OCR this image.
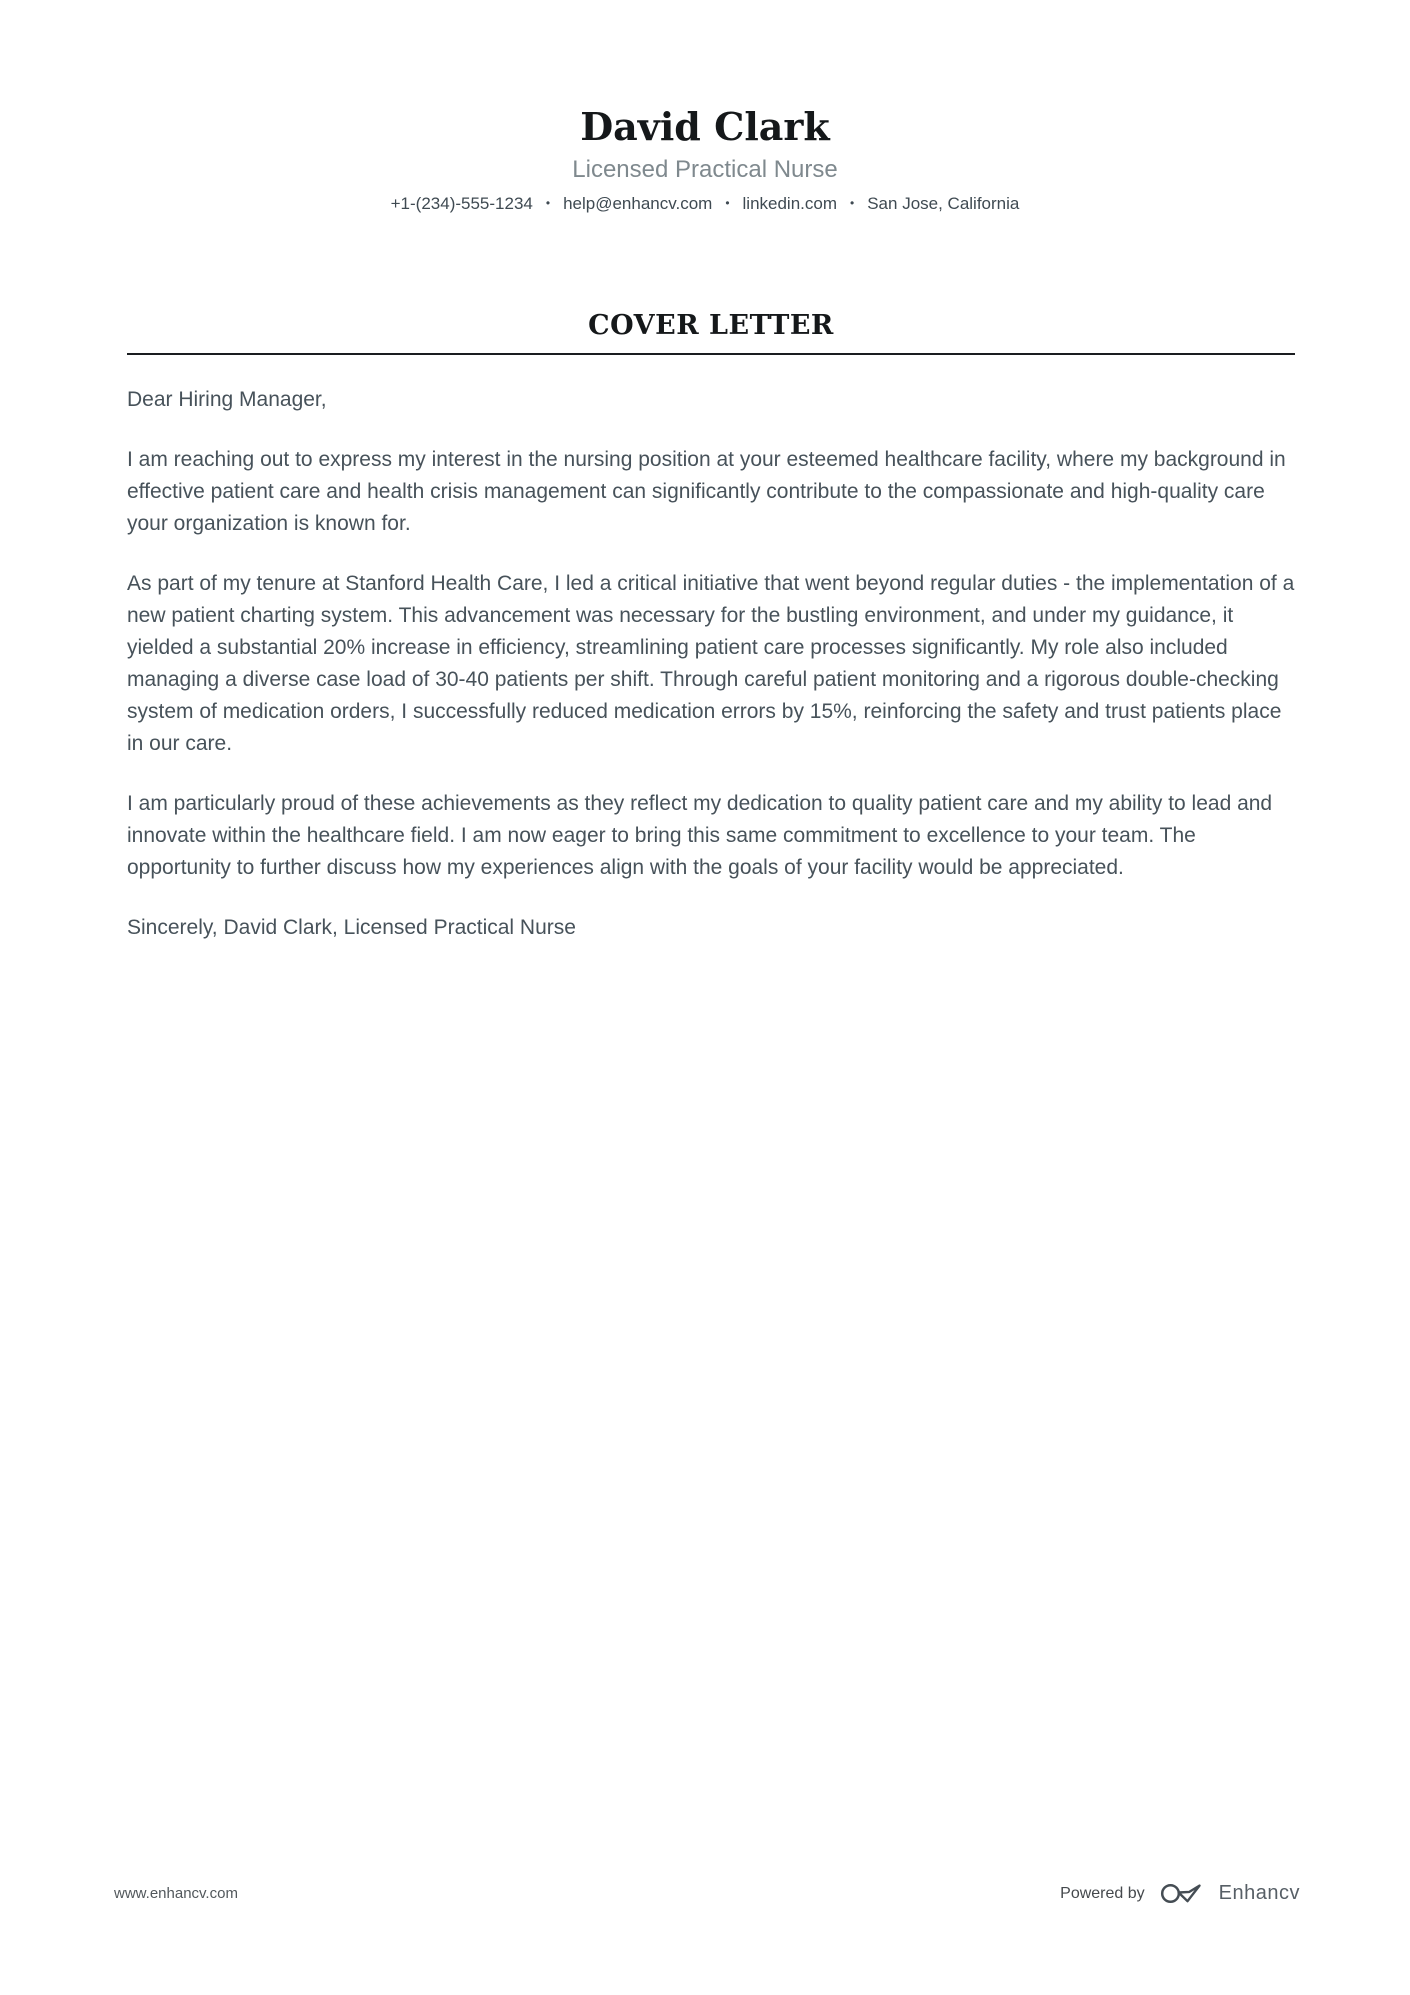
David Clark
Licensed Practical Nurse
+1-(234)-555-1234 • help@enhancv.com • linkedin.com • San Jose, California
COVER LETTER

Dear Hiring Manager,

I am reaching out to express my interest in the nursing position at your esteemed healthcare facility, where my background in effective patient care and health crisis management can significantly contribute to the compassionate and high-quality care your organization is known for.

As part of my tenure at Stanford Health Care, I led a critical initiative that went beyond regular duties - the implementation of a new patient charting system. This advancement was necessary for the bustling environment, and under my guidance, it yielded a substantial 20% increase in efficiency, streamlining patient care processes significantly. My role also included managing a diverse case load of 30-40 patients per shift. Through careful patient monitoring and a rigorous double-checking system of medication orders, I successfully reduced medication errors by 15%, reinforcing the safety and trust patients place in our care.

I am particularly proud of these achievements as they reflect my dedication to quality patient care and my ability to lead and innovate within the healthcare field. I am now eager to bring this same commitment to excellence to your team. The opportunity to further discuss how my experiences align with the goals of your facility would be appreciated.

Sincerely, David Clark, Licensed Practical Nurse

www.enhancv.com	Powered by	Enhancv
